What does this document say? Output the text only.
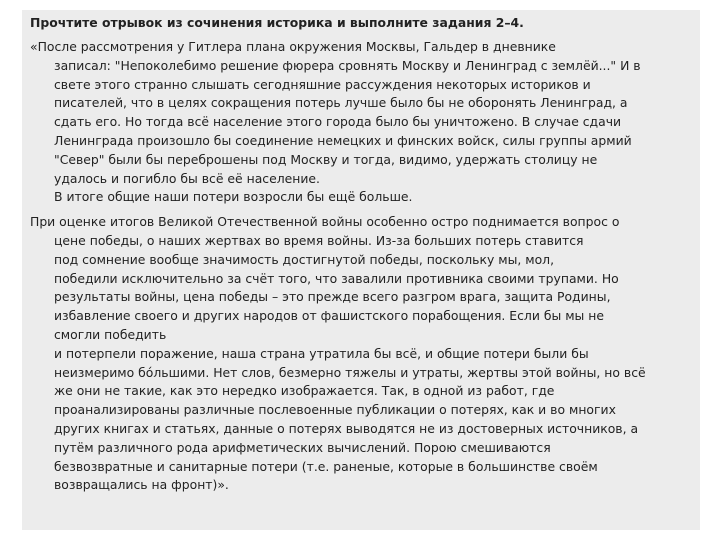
Прочтите отрывок из сочинения историка и выполните задания 2–4.
«После рассмотрения у Гитлера плана окружения Москвы, Гальдер в дневнике
записал: "Непоколебимо решение фюрера сровнять Москву и Ленинград с землёй..." И в
свете этого странно слышать сегодняшние рассуждения некоторых историков и
писателей, что в целях сокращения потерь лучше было бы не оборонять Ленинград, а
сдать его. Но тогда всё население этого города было бы уничтожено. В случае сдачи
Ленинграда произошло бы соединение немецких и финских войск, силы группы армий
"Север" были бы переброшены под Москву и тогда, видимо, удержать столицу не
удалось и погибло бы всё её население.
В итоге общие наши потери возросли бы ещё больше.
При оценке итогов Великой Отечественной войны особенно остро поднимается вопрос о
цене победы, о наших жертвах во время войны. Из-за больших потерь ставится
под сомнение вообще значимость достигнутой победы, поскольку мы, мол,
победили исключительно за счёт того, что завалили противника своими трупами. Но
результаты войны, цена победы – это прежде всего разгром врага, защита Родины,
избавление своего и других народов от фашистского порабощения. Если бы мы не
смогли победить
и потерпели поражение, наша страна утратила бы всё, и общие потери были бы
неизмеримо бóльшими. Нет слов, безмерно тяжелы и утраты, жертвы этой войны, но всё
же они не такие, как это нередко изображается. Так, в одной из работ, где
проанализированы различные послевоенные публикации о потерях, как и во многих
других книгах и статьях, данные о потерях выводятся не из достоверных источников, а
путём различного рода арифметических вычислений. Порою смешиваются
безвозвратные и санитарные потери (т.е. раненые, которые в большинстве своём
возвращались на фронт)».
